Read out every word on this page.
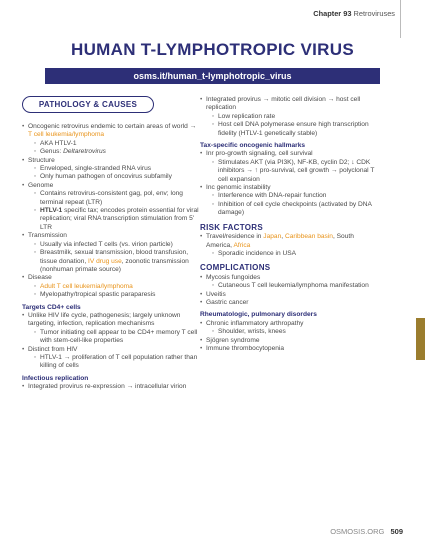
Chapter 93 Retroviruses
HUMAN T-LYMPHOTROPIC VIRUS
osms.it/human_t-lymphotropic_virus
PATHOLOGY & CAUSES
• Oncogenic retrovirus endemic to certain areas of world → T cell leukemia/lymphoma
◦ AKA HTLV-1
◦ Genus: Deltaretrovirus
• Structure
◦ Enveloped, single-stranded RNA virus
◦ Only human pathogen of oncovirus subfamily
• Genome
◦ Contains retrovirus-consistent gag, pol, env; long terminal repeat (LTR)
◦ HTLV-1 specific tax; encodes protein essential for viral replication; viral RNA transcription stimulation from 5' LTR
• Transmission
◦ Usually via infected T cells (vs. virion particle)
◦ Breastmilk, sexual transmission, blood transfusion, tissue donation, IV drug use, zoonotic transmission (nonhuman primate source)
• Disease
◦ Adult T cell leukemia/lymphoma
◦ Myelopathy/tropical spastic paraparesis
Targets CD4+ cells
• Unlike HIV life cycle, pathogenesis; largely unknown targeting, infection, replication mechanisms
◦ Tumor initiating cell appear to be CD4+ memory T cell with stem-cell-like properties
• Distinct from HIV
◦ HTLV-1 → proliferation of T cell population rather than killing of cells
Infectious replication
• Integrated provirus re-expression → intracellular virion
• Integrated provirus → mitotic cell division → host cell replication
◦ Low replication rate
◦ Host cell DNA polymerase ensure high transcription fidelity (HTLV-1 genetically stable)
Tax-specific oncogenic hallmarks
• Inr pro-growth signaling, cell survival
◦ Stimulates AKT (via PI3K), NF-KB, cyclin D2; ↓ CDK inhibitors → ↑ pro-survival, cell growth → polyclonal T cell expansion
• Inc genomic instability
◦ Interference with DNA-repair function
◦ Inhibition of cell cycle checkpoints (activated by DNA damage)
RISK FACTORS
• Travel/residence in Japan, Caribbean basin, South America, Africa
◦ Sporadic incidence in USA
COMPLICATIONS
• Mycosis fungoides
◦ Cutaneous T cell leukemia/lymphoma manifestation
• Uveitis
• Gastric cancer
Rheumatologic, pulmonary disorders
• Chronic inflammatory arthropathy
◦ Shoulder, wrists, knees
• Sjögren syndrome
• Immune thrombocytopenia
OSMOSIS.ORG 509
